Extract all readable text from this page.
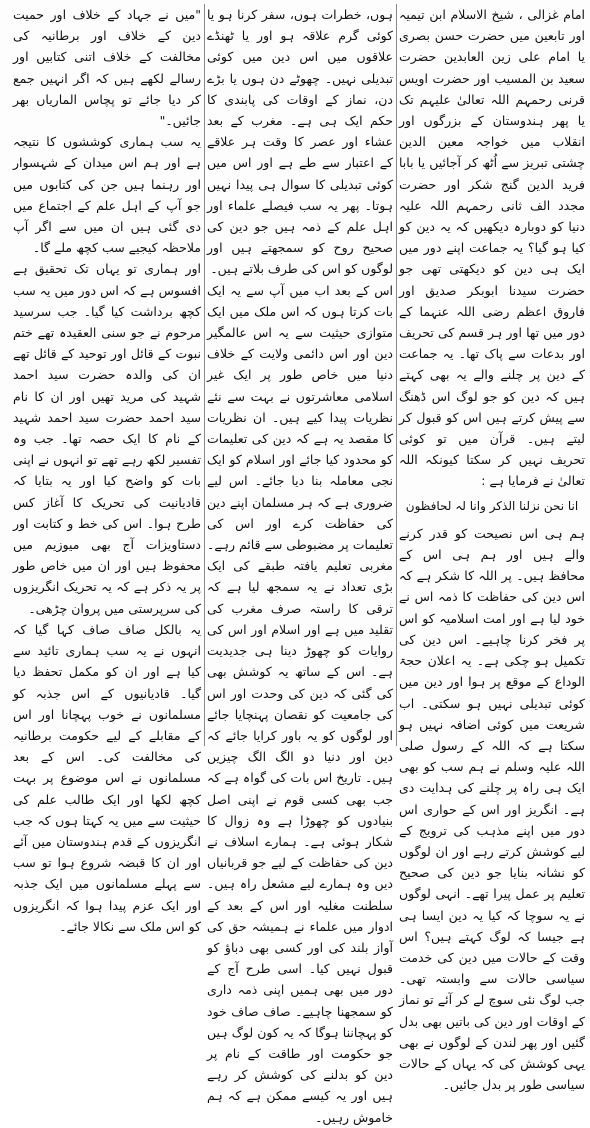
امام غزالی ، شیخ الاسلام ابن تیمیہ اور تابعین میں حضرت حسن بصری یا امام علی زین العابدین حضرت سعید بن المسیب اور حضرت اویس قرنی رحمہم اللہ تعالیٰ علیہم تک یا پھر ہندوستان کے بزرگوں اور انقلاب میں خواجہ معین الدین چشتی تبریز سے اُٹھ کر آجائیں یا بابا فرید الدین گنج شکر اور حضرت مجدد الف ثانی رحمہم اللہ علیہ دنیا کو دوبارہ دیکھیں کہ یہ دین کو کیا ہو گیا؟ یہ جماعت اپنے دور میں ایک ہی دین کو دیکھتی تھی جو حضرت سیدنا ابوبکر صدیق اور فاروق اعظم رضی اللہ عنہما کے دور میں تھا اور ہر قسم کی تحریف اور بدعات سے پاک تھا۔ یہ جماعت کے دین پر چلنے والے یہ بھی کہتے ہیں کہ دین کو جو لوگ اس ڈھنگ سے پیش کرتے ہیں اس کو قبول کر لیتے ہیں۔ قرآن میں تو کوئی تحریف نہیں کر سکتا کیونکہ اللہ تعالیٰ نے فرمایا ہے :

انا نحن نزلنا الذکر وانا لہ لحافظون

ہم ہی اس نصیحت کو قدر کرنے والے ہیں اور ہم ہی اس کے محافظ ہیں۔ پر اللہ کا شکر ہے کہ اس دین کی حفاظت کا ذمہ اس نے خود لیا ہے اور امت اسلامیہ کو اس پر فخر کرنا چاہیے۔ اس دین کی تکمیل ہو چکی ہے۔ یہ اعلان حجۃ الوداع کے موقع پر ہوا اور دین میں کوئی تبدیلی نہیں ہو سکتی۔ اب شریعت میں کوئی اضافہ نہیں ہو سکتا ہے کہ اللہ کے رسول صلی اللہ علیہ وسلم نے ہم سب کو بھی ایک ہی راہ پر چلنے کی ہدایت دی ہے۔ انگریز اور اس کے حواری اس دور میں اپنے مذہب کی ترویج کے لیے کوشش کرتے رہے اور ان لوگوں کو نشانہ بنایا جو دین کی صحیح تعلیم پر عمل پیرا تھے۔ انہی لوگوں نے یہ سوچا کہ کیا یہ دین ایسا ہی ہے جیسا کہ لوگ کہتے ہیں؟ اس وقت کے حالات میں دین کی خدمت سیاسی حالات سے وابستہ تھی۔ جب لوگ نئی سوچ لے کر آئے تو نماز کے اوقات اور دین کی باتیں بھی بدل گئیں اور پھر لندن کے لوگوں نے بھی یہی کوشش کی کہ یہاں کے حالات سیاسی طور پر بدل جائیں۔

ہوں، خطرات ہوں، سفر کرنا ہو یا کوئی گرم علاقہ ہو اور یا ٹھنڈے علاقوں میں اس دین میں کوئی تبدیلی نہیں۔ چھوٹے دن ہوں یا بڑے دن، نماز کے اوقات کی پابندی کا حکم ایک ہی ہے۔ مغرب کے بعد عشاء اور عصر کا وقت ہر علاقے کے اعتبار سے طے ہے اور اس میں کوئی تبدیلی کا سوال ہی پیدا نہیں ہوتا۔ پھر یہ سب فیصلے علماء اور اہل علم کے ذمہ ہیں جو دین کی صحیح روح کو سمجھتے ہیں اور لوگوں کو اس کی طرف بلاتے ہیں۔

اس کے بعد اب میں آپ سے یہ ایک بات کرتا ہوں کہ اس ملک میں ایک متوازی حیثیت سے یہ اس عالمگیر دین اور اس دائمی ولایت کے خلاف دنیا میں خاص طور پر ایک غیر اسلامی معاشرتوں نے بہت سے نئے نظریات پیدا کیے ہیں۔ ان نظریات کا مقصد یہ ہے کہ دین کی تعلیمات کو محدود کیا جائے اور اسلام کو ایک نجی معاملہ بنا دیا جائے۔ اس لیے ضروری ہے کہ ہر مسلمان اپنے دین کی حفاظت کرے اور اس کی تعلیمات پر مضبوطی سے قائم رہے۔ مغربی تعلیم یافتہ طبقے کی ایک بڑی تعداد نے یہ سمجھ لیا ہے کہ ترقی کا راستہ صرف مغرب کی تقلید میں ہے اور اسلام اور اس کی روایات کو چھوڑ دینا ہی جدیدیت ہے۔ اس کے ساتھ یہ کوشش بھی کی گئی کہ دین کی وحدت اور اس کی جامعیت کو نقصان پہنچایا جائے اور لوگوں کو یہ باور کرایا جائے کہ دین اور دنیا دو الگ الگ چیزیں ہیں۔ تاریخ اس بات کی گواہ ہے کہ جب بھی کسی قوم نے اپنی اصل بنیادوں کو چھوڑا ہے وہ زوال کا شکار ہوئی ہے۔ ہمارے اسلاف نے دین کی حفاظت کے لیے جو قربانیاں دیں وہ ہمارے لیے مشعل راہ ہیں۔ سلطنت مغلیہ اور اس کے بعد کے ادوار میں علماء نے ہمیشہ حق کی آواز بلند کی اور کسی بھی دباؤ کو قبول نہیں کیا۔ اسی طرح آج کے دور میں بھی ہمیں اپنی ذمہ داری کو سمجھنا چاہیے۔ صاف صاف خود کو پہچاننا ہوگا کہ یہ کون لوگ ہیں جو حکومت اور طاقت کے نام پر دین کو بدلنے کی کوشش کر رہے ہیں اور یہ کیسے ممکن ہے کہ ہم خاموش رہیں۔

"میں نے جہاد کے خلاف اور حمیت دین کے خلاف اور برطانیہ کی مخالفت کے خلاف اتنی کتابیں اور رسالے لکھے ہیں کہ اگر انہیں جمع کر دیا جائے تو پچاس الماریاں بھر جائیں۔"

یہ سب ہماری کوششوں کا نتیجہ ہے اور ہم اس میدان کے شہسوار اور رہنما ہیں جن کی کتابوں میں جو آپ کے اہل علم کے اجتماع میں دی گئی ہیں ان میں سے اگر آپ ملاحظہ کیجیے سب کچھ ملے گا۔

اور ہماری تو یہاں تک تحقیق ہے افسوس ہے کہ اس دور میں یہ سب کچھ برداشت کیا گیا۔ جب سرسید مرحوم نے جو سنی العقیدہ تھے ختم نبوت کے قائل اور توحید کے قائل تھے ان کی والدہ حضرت سید احمد شہید کی مرید تھیں اور ان کا نام سید احمد حضرت سید احمد شہید کے نام کا ایک حصہ تھا۔ جب وہ تفسیر لکھ رہے تھے تو انہوں نے اپنی بات کو واضح کیا اور یہ بتایا کہ قادیانیت کی تحریک کا آغاز کس طرح ہوا۔ اس کی خط و کتابت اور دستاویزات آج بھی میوزیم میں محفوظ ہیں اور ان میں خاص طور پر یہ ذکر ہے کہ یہ تحریک انگریزوں کی سرپرستی میں پروان چڑھی۔

یہ بالکل صاف صاف کہا گیا کہ انہوں نے یہ سب ہماری تائید سے کیا ہے اور ان کو مکمل تحفظ دیا گیا۔ قادیانیوں کے اس جذبہ کو مسلمانوں نے خوب پہچانا اور اس کے مقابلے کے لیے حکومت برطانیہ کی مخالفت کی۔ اس کے بعد مسلمانوں نے اس موضوع پر بہت کچھ لکھا اور ایک طالب علم کی حیثیت سے میں یہ کہتا ہوں کہ جب انگریزوں کے قدم ہندوستان میں آئے اور ان کا قبضہ شروع ہوا تو سب سے پہلے مسلمانوں میں ایک جذبہ اور ایک عزم پیدا ہوا کہ انگریزوں کو اس ملک سے نکالا جائے۔
